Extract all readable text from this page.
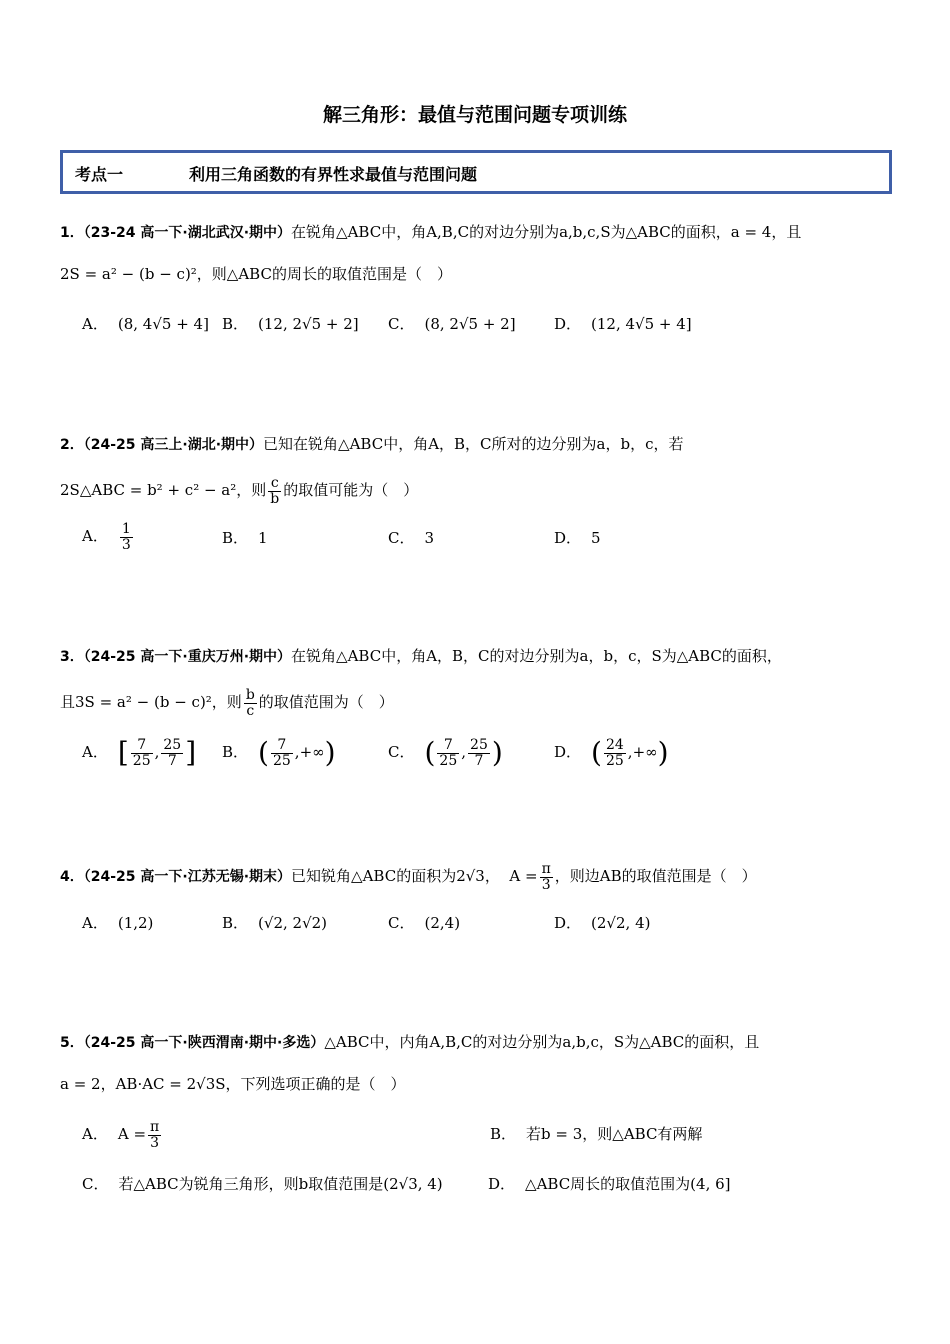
解三角形：最值与范围问题专项训练
考点一	利用三角函数的有界性求最值与范围问题
1．（23-24 高一下·湖北武汉·期中）在锐角△ABC中，角A,B,C的对边分别为a,b,c,S为△ABC的面积，a = 4，且
2S = a² − (b − c)²，则△ABC的周长的取值范围是（　）
A． (8, 4√5 + 4] B． (12, 2√5 + 2] C． (8, 2√5 + 2]	D． (12, 4√5 + 4]
2．（24-25 高三上·湖北·期中）已知在锐角△ABC中，角A，B，C所对的边分别为a，b，c，若
2S△ABC = b² + c² − a²，则 $\frac{c}{b}$ 的取值可能为（　）
A． $\frac{1}{3}$	B． 1	C． 3	D． 5
3．（24-25 高一下·重庆万州·期中）在锐角△ABC中，角A，B，C的对边分别为a，b，c，S为△ABC的面积，
且3S = a² − (b − c)²，则 $\frac{b}{c}$ 的取值范围为（　）
A． [ $\frac{7}{25}$ , $\frac{25}{7}$ ] B． ( $\frac{7}{25}$ ,+∞)	C． ( $\frac{7}{25}$ , $\frac{25}{7}$ )	D． ( $\frac{24}{25}$ ,+∞)
4．（24-25 高一下·江苏无锡·期末）已知锐角△ABC的面积为2√3， $A = \frac{\pi}{3}$ ，则边AB的取值范围是（　）
A． (1,2)	B． (√2, 2√2)	C． (2,4)	D． (2√2, 4)
5．（24-25 高一下·陕西渭南·期中·多选）△ABC中，内角A,B,C的对边分别为a,b,c，S为△ABC的面积，且
a = 2，AB·AC = 2√3S，下列选项正确的是（　）
A． $A = \frac{\pi}{3}$	B． 若b = 3，则△ABC有两解
C． 若△ABC为锐角三角形，则b取值范围是(2√3, 4)	D． △ABC周长的取值范围为(4, 6]
